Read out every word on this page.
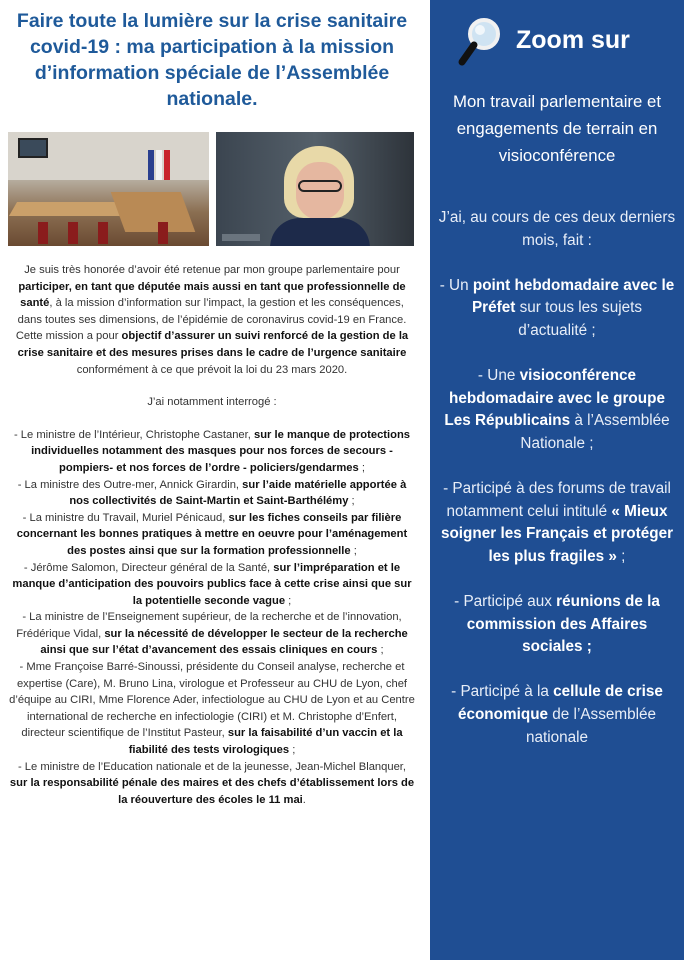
Faire toute la lumière sur la crise sanitaire covid-19 : ma participation à la mission d’information spéciale de l’Assemblée nationale.

Je suis très honorée d’avoir été retenue par mon groupe parlementaire pour participer, en tant que députée mais aussi en tant que professionnelle de santé, à la mission d’information sur l’impact, la gestion et les conséquences, dans toutes ses dimensions, de l’épidémie de coronavirus covid-19 en France. Cette mission a pour objectif d’assurer un suivi renforcé de la gestion de la crise sanitaire et des mesures prises dans le cadre de l’urgence sanitaire conformément à ce que prévoit la loi du 23 mars 2020.

J’ai notamment interrogé :

- Le ministre de l’Intérieur, Christophe Castaner, sur le manque de protections individuelles notamment des masques pour nos forces de secours -pompiers- et nos forces de l’ordre - policiers/gendarmes ;

- La ministre des Outre-mer, Annick Girardin, sur l’aide matérielle apportée à nos collectivités de Saint-Martin et Saint-Barthélémy ;

- La ministre du Travail, Muriel Pénicaud, sur les fiches conseils par filière concernant les bonnes pratiques à mettre en oeuvre pour l’aménagement des postes ainsi que sur la formation professionnelle ;

- Jérôme Salomon, Directeur général de la Santé, sur l’impréparation et le manque d’anticipation des pouvoirs publics face à cette crise ainsi que sur la potentielle seconde vague ;

- La ministre de l’Enseignement supérieur, de la recherche et de l’innovation, Frédérique Vidal, sur la nécessité de développer le secteur de la recherche ainsi que sur l’état d’avancement des essais cliniques en cours ;

- Mme Françoise Barré-Sinoussi, présidente du Conseil analyse, recherche et expertise (Care), M. Bruno Lina, virologue et Professeur au CHU de Lyon, chef d’équipe au CIRI, Mme Florence Ader, infectiologue au CHU de Lyon et au Centre international de recherche en infectiologie (CIRI) et M. Christophe d’Enfert, directeur scientifique de l’Institut Pasteur, sur la faisabilité d’un vaccin et la fiabilité des tests virologiques ;

- Le ministre de l’Education nationale et de la jeunesse, Jean-Michel Blanquer, sur la responsabilité pénale des maires et des chefs d’établissement lors de la réouverture des écoles le 11 mai.

Zoom sur

Mon travail parlementaire et engagements de terrain en visioconférence

J’ai, au cours de ces deux derniers mois, fait :

- Un point hebdomadaire avec le Préfet sur tous les sujets d’actualité ;

- Une visioconférence hebdomadaire avec le groupe Les Républicains à l’Assemblée Nationale ;

- Participé à des forums de travail notamment celui intitulé « Mieux soigner les Français et protéger les plus fragiles » ;

- Participé aux réunions de la commission des Affaires sociales ;

- Participé à la cellule de crise économique de l’Assemblée nationale
